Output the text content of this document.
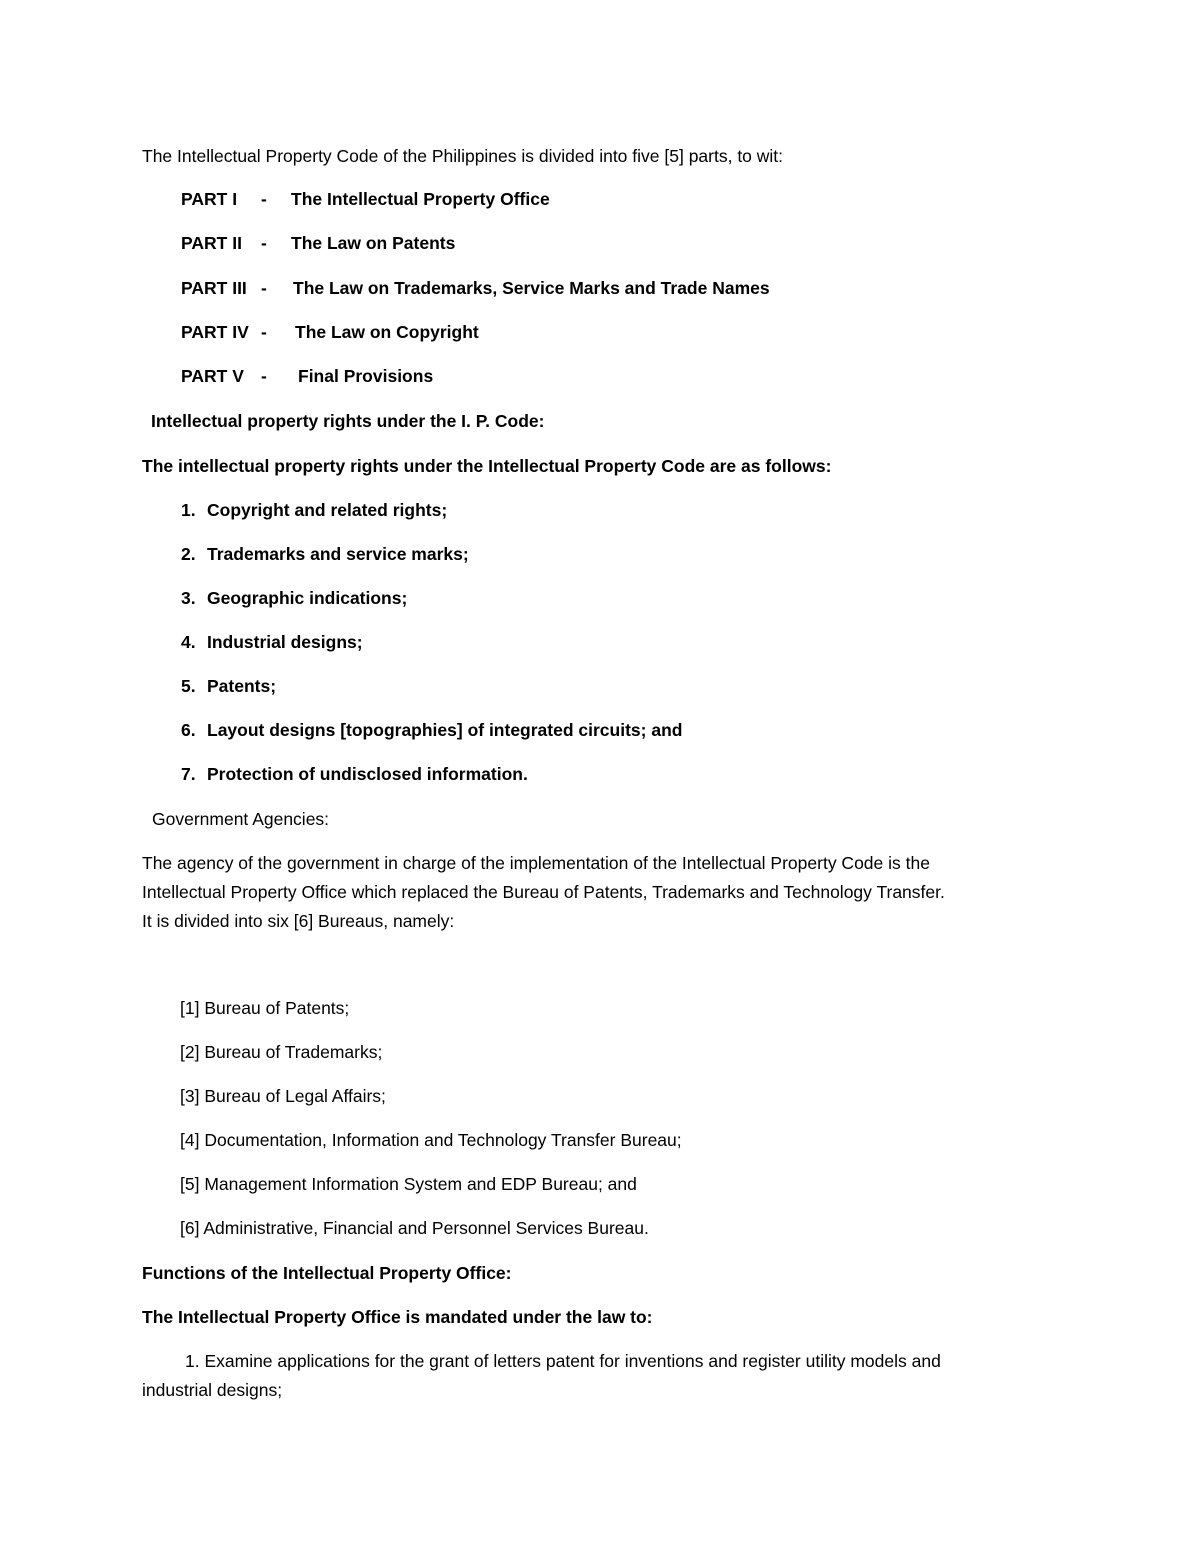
The Intellectual Property Code of the Philippines is divided into five [5] parts, to wit:
PART I - The Intellectual Property Office
PART II - The Law on Patents
PART III - The Law on Trademarks, Service Marks and Trade Names
PART IV - The Law on Copyright
PART V - Final Provisions
Intellectual property rights under the I. P. Code:
The intellectual property rights under the Intellectual Property Code are as follows:
1. Copyright and related rights;
2. Trademarks and service marks;
3. Geographic indications;
4. Industrial designs;
5. Patents;
6. Layout designs [topographies] of integrated circuits; and
7. Protection of undisclosed information.
Government Agencies:
The agency of the government in charge of the implementation of the Intellectual Property Code is the
Intellectual Property Office which replaced the Bureau of Patents, Trademarks and Technology Transfer.
It is divided into six [6] Bureaus, namely:
[1] Bureau of Patents;
[2] Bureau of Trademarks;
[3] Bureau of Legal Affairs;
[4] Documentation, Information and Technology Transfer Bureau;
[5] Management Information System and EDP Bureau; and
[6] Administrative, Financial and Personnel Services Bureau.
Functions of the Intellectual Property Office:
The Intellectual Property Office is mandated under the law to:
1. Examine applications for the grant of letters patent for inventions and register utility models and
industrial designs;
